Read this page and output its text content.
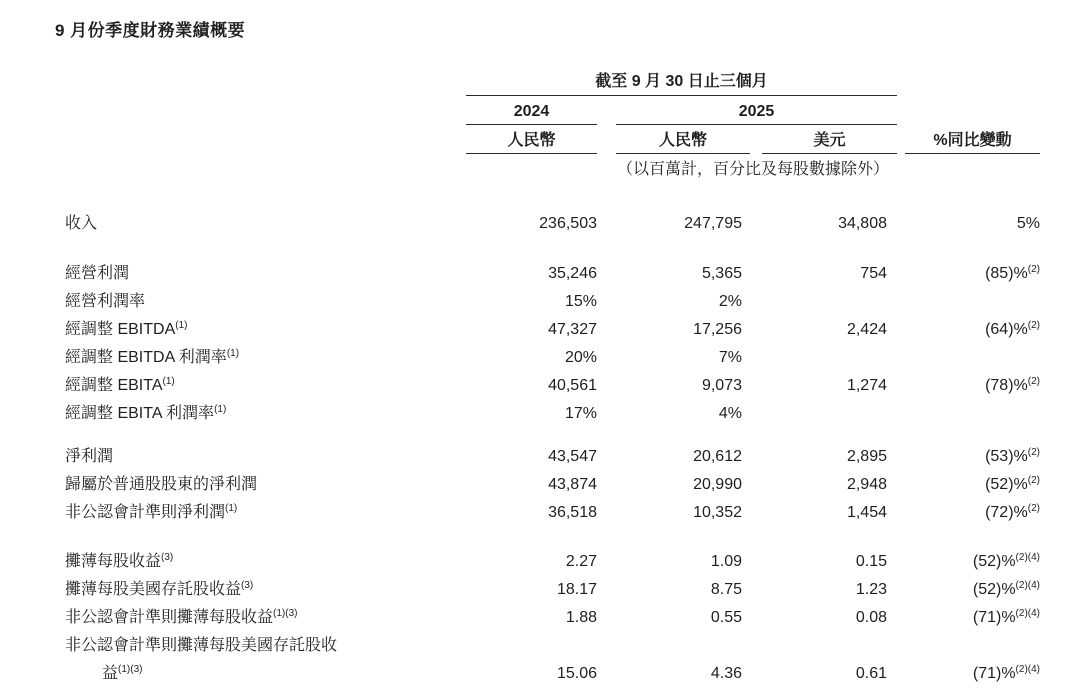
9 月份季度財務業績概要
截至 9 月 30 日止三個月
2024	2025
人民幣	人民幣	美元	%同比變動
（以百萬計，百分比及每股數據除外）
收入	236,503	247,795	34,808	5%
經營利潤	35,246	5,365	754	(85)%$^{(2)}$
經營利潤率	15%	2%
經調整 EBITDA$^{(1)}$	47,327	17,256	2,424	(64)%$^{(2)}$
經調整 EBITDA 利潤率$^{(1)}$	20%	7%
經調整 EBITA$^{(1)}$	40,561	9,073	1,274	(78)%$^{(2)}$
經調整 EBITA 利潤率$^{(1)}$	17%	4%
淨利潤	43,547	20,612	2,895	(53)%$^{(2)}$
歸屬於普通股股東的淨利潤	43,874	20,990	2,948	(52)%$^{(2)}$
非公認會計準則淨利潤$^{(1)}$	36,518	10,352	1,454	(72)%$^{(2)}$
攤薄每股收益$^{(3)}$	2.27	1.09	0.15	(52)%$^{(2)(4)}$
攤薄每股美國存託股收益$^{(3)}$	18.17	8.75	1.23	(52)%$^{(2)(4)}$
非公認會計準則攤薄每股收益$^{(1)(3)}$	1.88	0.55	0.08	(71)%$^{(2)(4)}$
非公認會計準則攤薄每股美國存託股收
益$^{(1)(3)}$	15.06	4.36	0.61	(71)%$^{(2)(4)}$
